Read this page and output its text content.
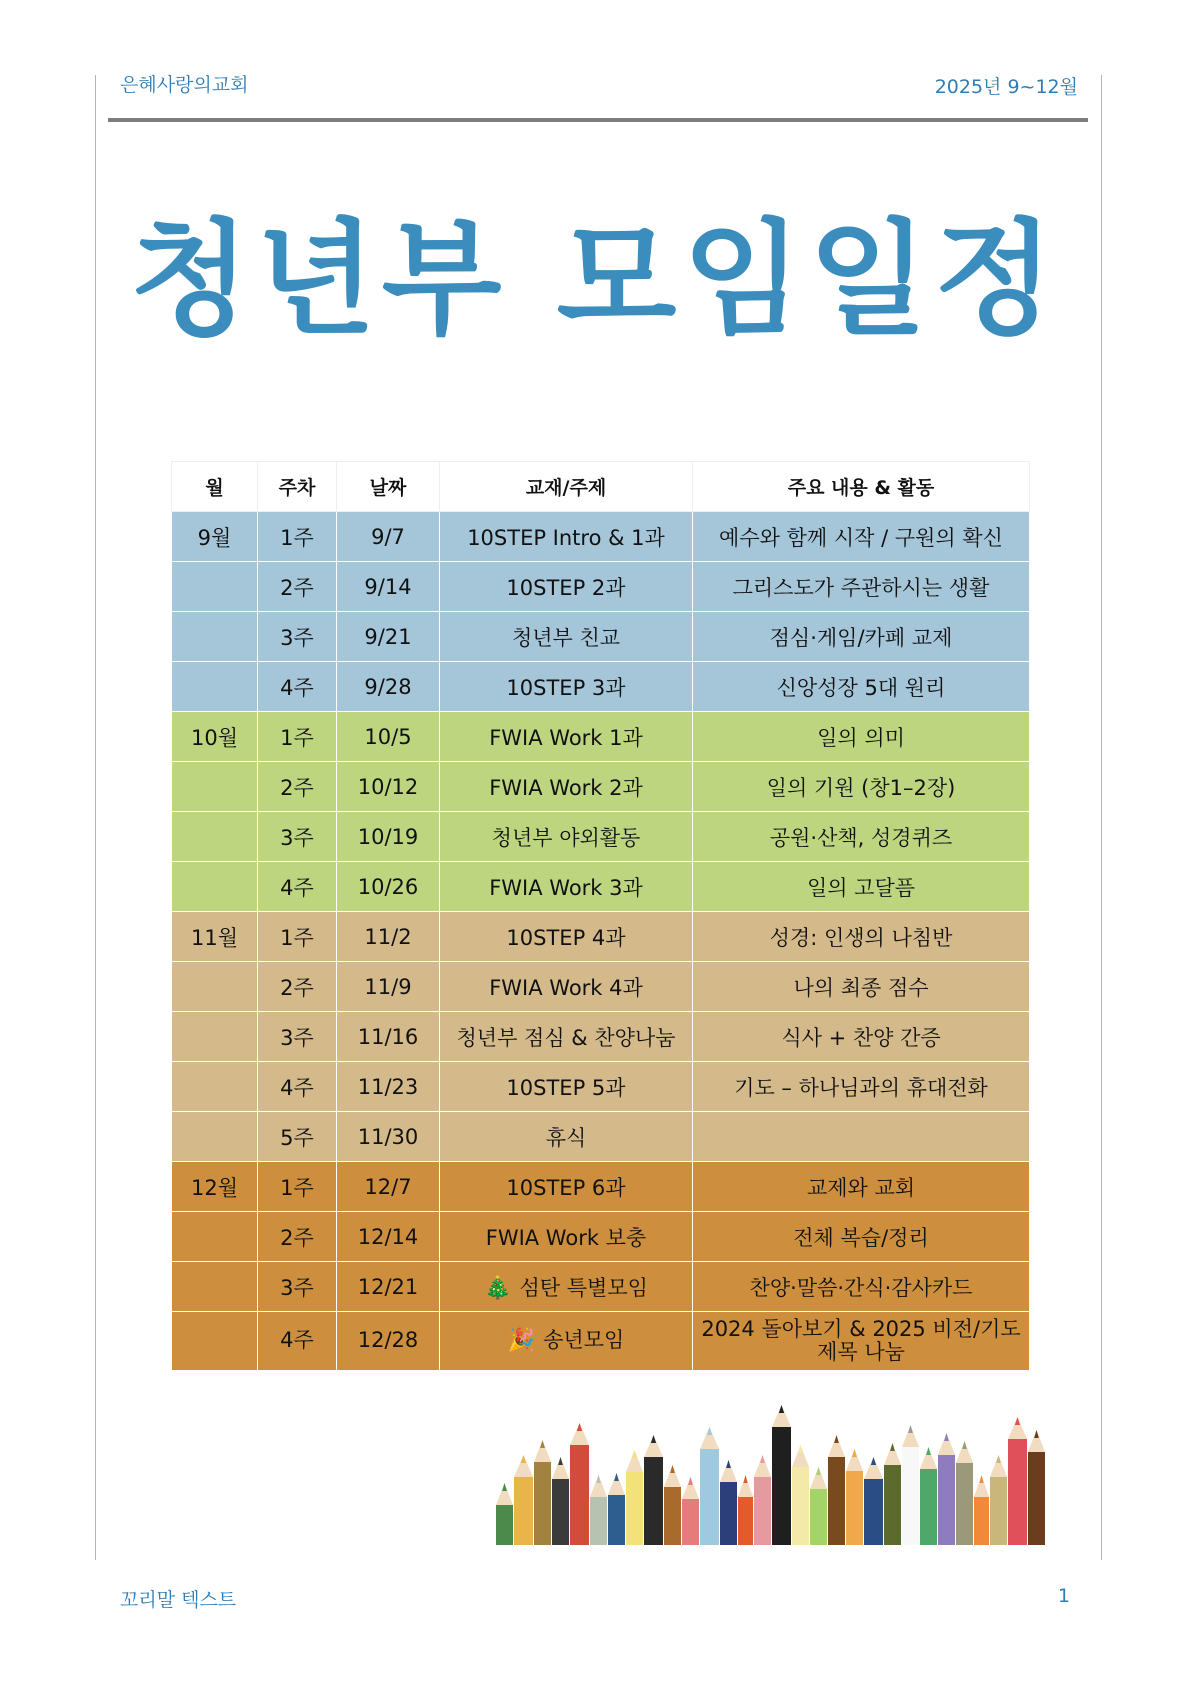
은혜사랑의교회	2025년 9~12월
청년부 모임일정
월	주차	날짜	교재/주제	주요 내용 & 활동
9월	1주	9/7	10STEP Intro & 1과	예수와 함께 시작 / 구원의 확신
	2주	9/14	10STEP 2과	그리스도가 주관하시는 생활
	3주	9/21	청년부 친교	점심·게임/카페 교제
	4주	9/28	10STEP 3과	신앙성장 5대 원리
10월	1주	10/5	FWIA Work 1과	일의 의미
	2주	10/12	FWIA Work 2과	일의 기원 (창1–2장)
	3주	10/19	청년부 야외활동	공원·산책, 성경퀴즈
	4주	10/26	FWIA Work 3과	일의 고달픔
11월	1주	11/2	10STEP 4과	성경: 인생의 나침반
	2주	11/9	FWIA Work 4과	나의 최종 점수
	3주	11/16	청년부 점심 & 찬양나눔	식사 + 찬양 간증
	4주	11/23	10STEP 5과	기도 – 하나님과의 휴대전화
	5주	11/30	휴식	
12월	1주	12/7	10STEP 6과	교제와 교회
	2주	12/14	FWIA Work 보충	전체 복습/정리
	3주	12/21	🎄 섬탄 특별모임	찬양·말씀·간식·감사카드
	4주	12/28	🎉 송년모임	2024 돌아보기 & 2025 비전/기도제목 나눔
꼬리말 텍스트	1
